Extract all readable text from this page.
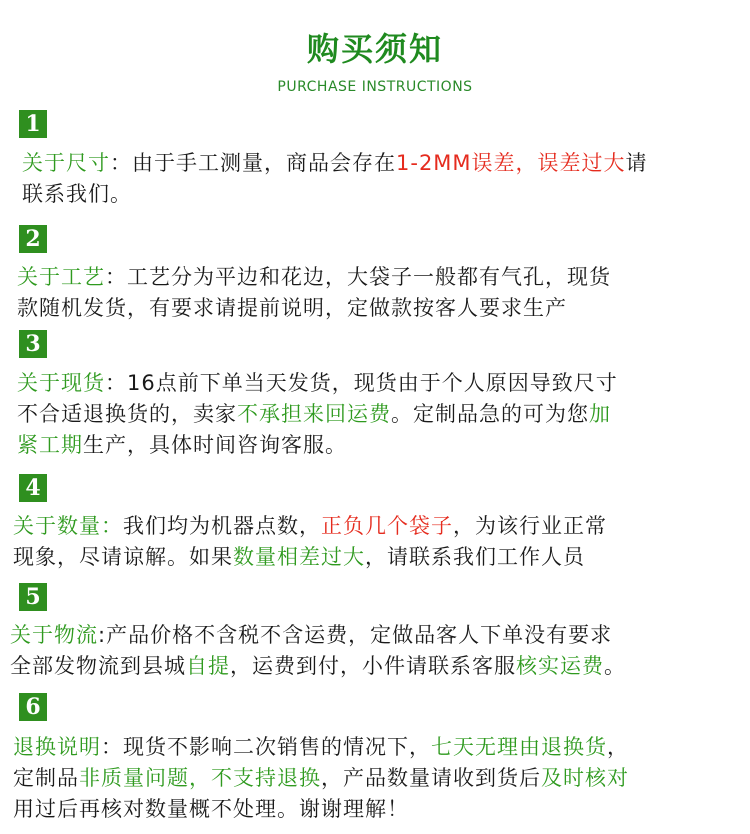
购买须知
PURCHASE INSTRUCTIONS
1
关于尺寸：由于手工测量，商品会存在1-2MM误差，误差过大请
联系我们。
2
关于工艺：工艺分为平边和花边，大袋子一般都有气孔，现货
款随机发货，有要求请提前说明，定做款按客人要求生产
3
关于现货：16点前下单当天发货，现货由于个人原因导致尺寸
不合适退换货的，卖家不承担来回运费。定制品急的可为您加
紧工期生产，具体时间咨询客服。
4
关于数量：我们均为机器点数，正负几个袋子，为该行业正常
现象，尽请谅解。如果数量相差过大，请联系我们工作人员
5
关于物流:产品价格不含税不含运费，定做品客人下单没有要求
全部发物流到县城自提，运费到付，小件请联系客服核实运费。
6
退换说明：现货不影响二次销售的情况下，七天无理由退换货，
定制品非质量问题，不支持退换，产品数量请收到货后及时核对
用过后再核对数量概不处理。谢谢理解！
